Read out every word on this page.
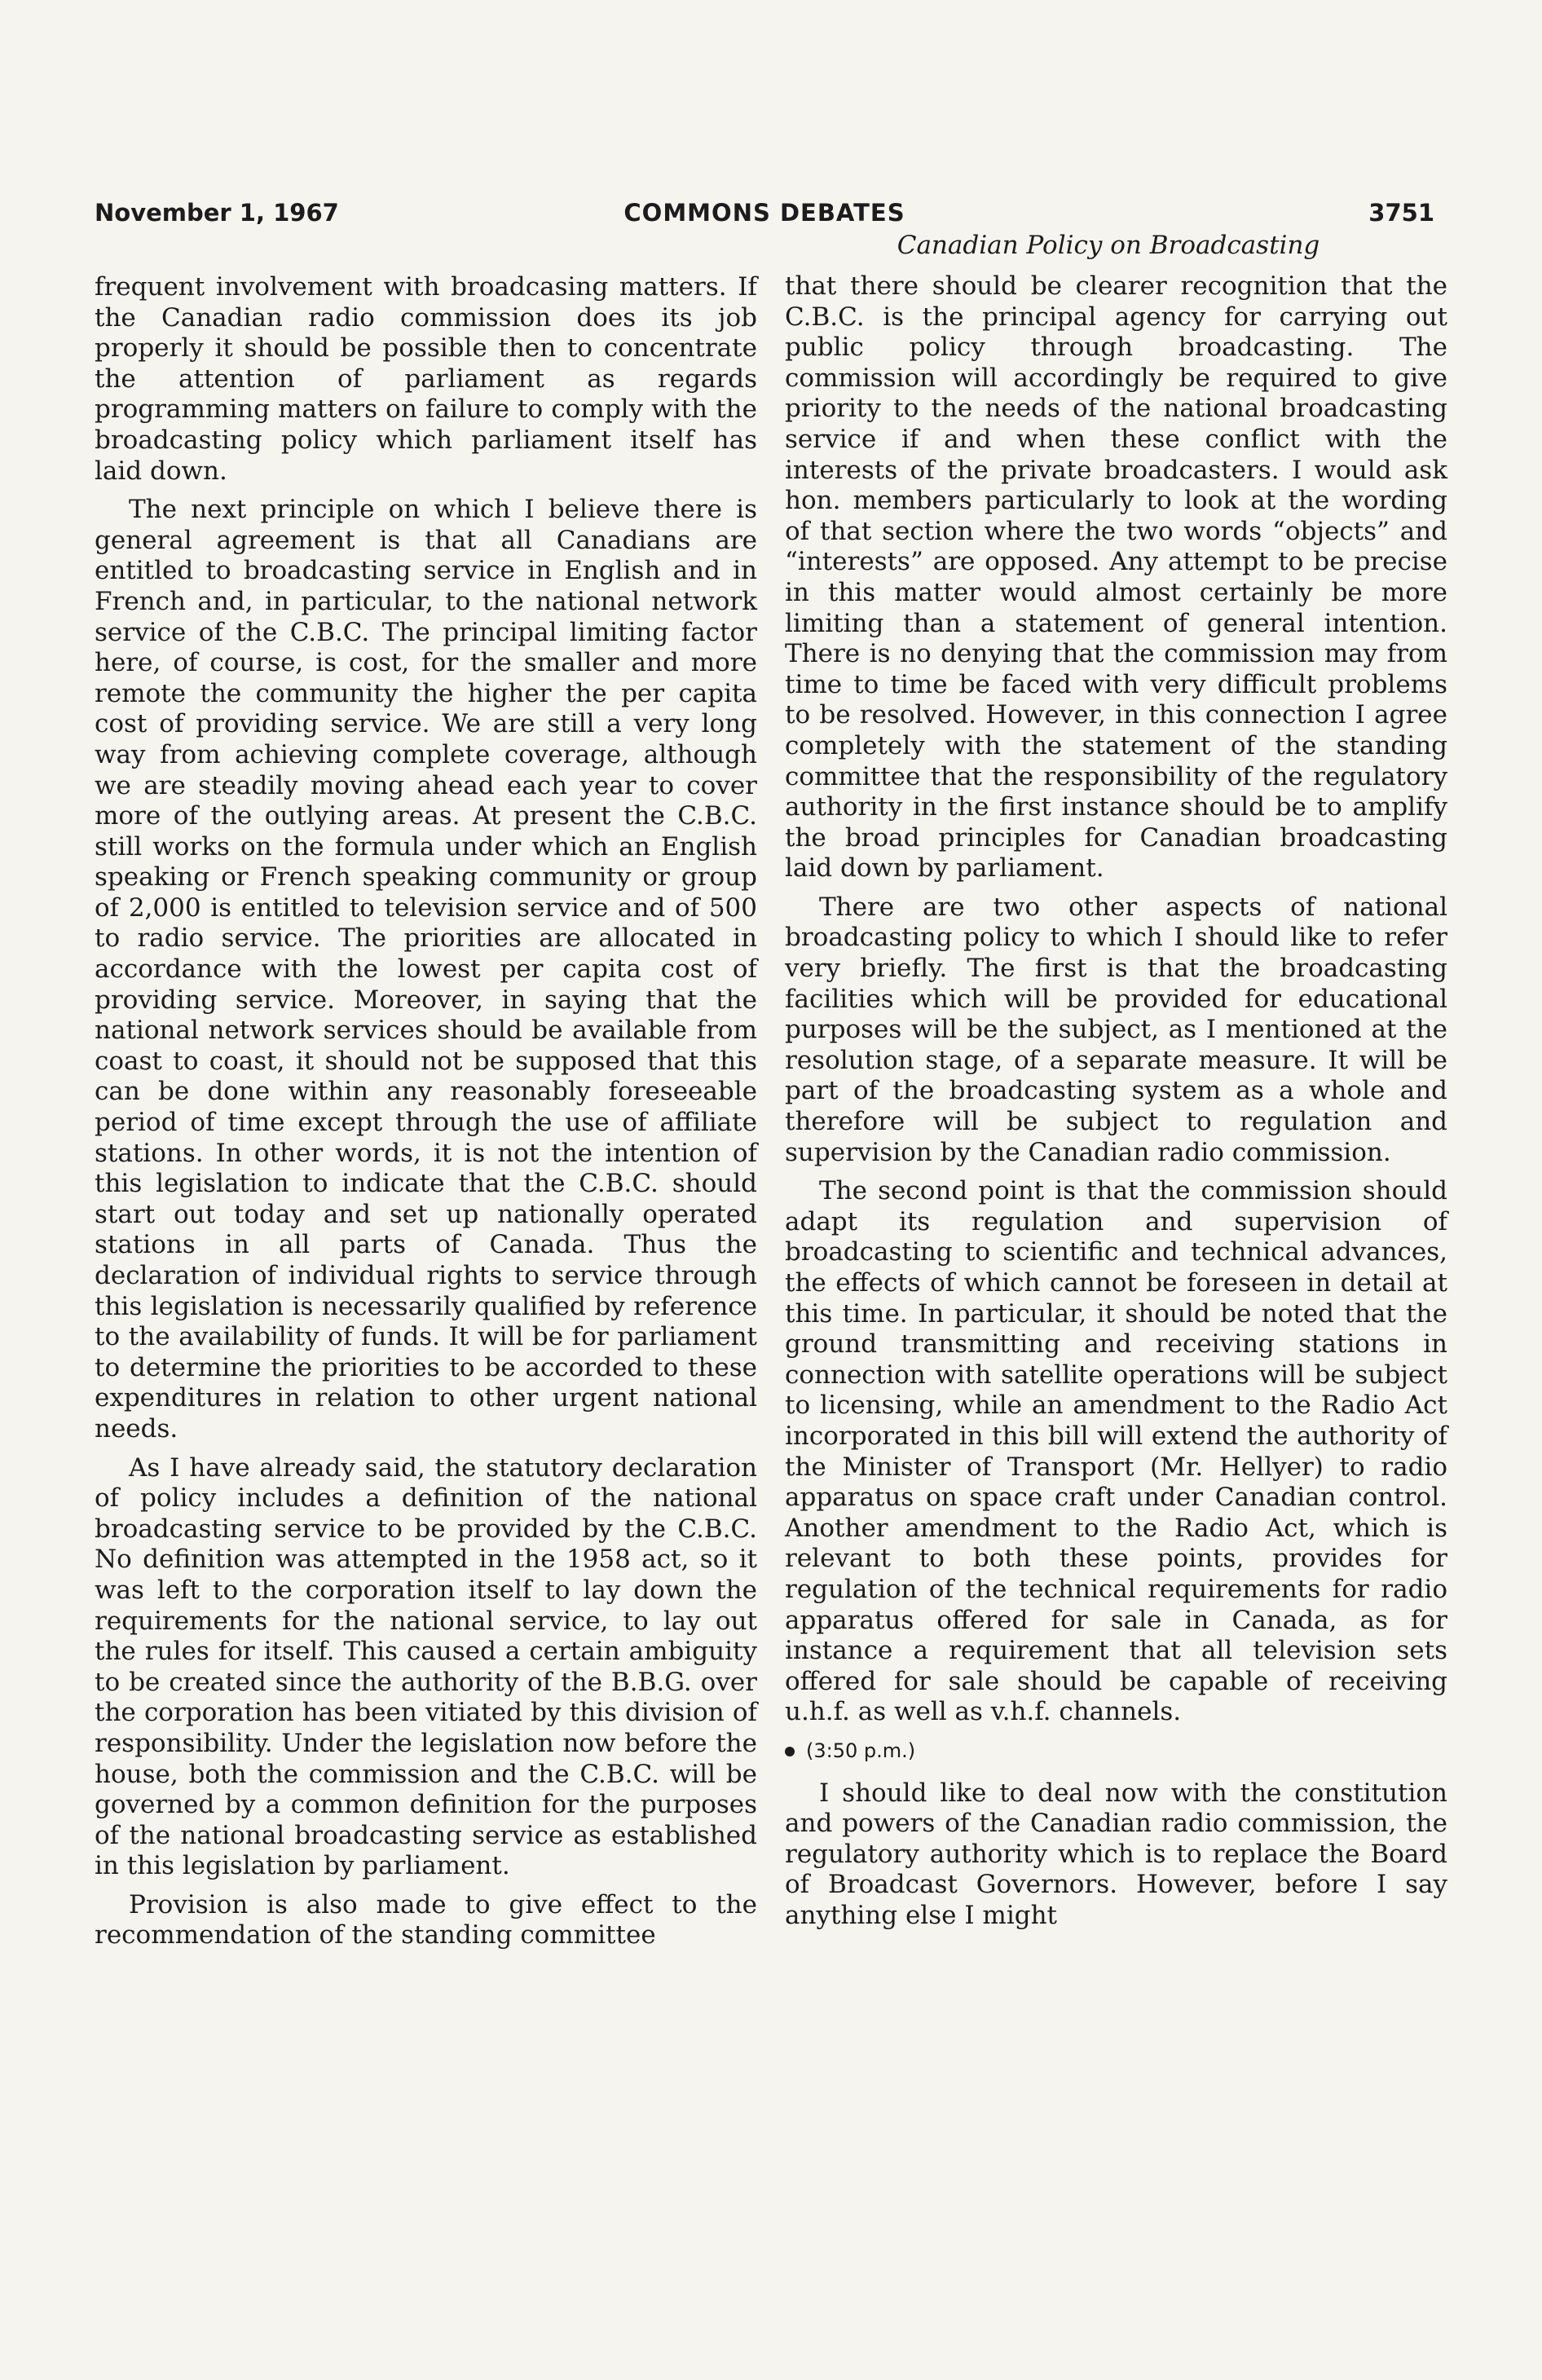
November 1, 1967	COMMONS DEBATES	3751
Canadian Policy on Broadcasting

frequent involvement with broadcasing matters. If the Canadian radio commission does its job properly it should be possible then to concentrate the attention of parliament as regards programming matters on failure to comply with the broadcasting policy which parliament itself has laid down.

The next principle on which I believe there is general agreement is that all Canadians are entitled to broadcasting service in English and in French and, in particular, to the national network service of the C.B.C. The principal limiting factor here, of course, is cost, for the smaller and more remote the community the higher the per capita cost of providing service. We are still a very long way from achieving complete coverage, although we are steadily moving ahead each year to cover more of the outlying areas. At present the C.B.C. still works on the formula under which an English speaking or French speaking community or group of 2,000 is entitled to television service and of 500 to radio service. The priorities are allocated in accordance with the lowest per capita cost of providing service. Moreover, in saying that the national network services should be available from coast to coast, it should not be supposed that this can be done within any reasonably foreseeable period of time except through the use of affiliate stations. In other words, it is not the intention of this legislation to indicate that the C.B.C. should start out today and set up nationally operated stations in all parts of Canada. Thus the declaration of individual rights to service through this legislation is necessarily qualified by reference to the availability of funds. It will be for parliament to determine the priorities to be accorded to these expenditures in relation to other urgent national needs.

As I have already said, the statutory declaration of policy includes a definition of the national broadcasting service to be provided by the C.B.C. No definition was attempted in the 1958 act, so it was left to the corporation itself to lay down the requirements for the national service, to lay out the rules for itself. This caused a certain ambiguity to be created since the authority of the B.B.G. over the corporation has been vitiated by this division of responsibility. Under the legislation now before the house, both the commission and the C.B.C. will be governed by a common definition for the purposes of the national broadcasting service as established in this legislation by parliament.

Provision is also made to give effect to the recommendation of the standing committee

that there should be clearer recognition that the C.B.C. is the principal agency for carrying out public policy through broadcasting. The commission will accordingly be required to give priority to the needs of the national broadcasting service if and when these conflict with the interests of the private broadcasters. I would ask hon. members particularly to look at the wording of that section where the two words “objects” and “interests” are opposed. Any attempt to be precise in this matter would almost certainly be more limiting than a statement of general intention. There is no denying that the commission may from time to time be faced with very difficult problems to be resolved. However, in this connection I agree completely with the statement of the standing committee that the responsibility of the regulatory authority in the first instance should be to amplify the broad principles for Canadian broadcasting laid down by parliament.

There are two other aspects of national broadcasting policy to which I should like to refer very briefly. The first is that the broadcasting facilities which will be provided for educational purposes will be the subject, as I mentioned at the resolution stage, of a separate measure. It will be part of the broadcasting system as a whole and therefore will be subject to regulation and supervision by the Canadian radio commission.

The second point is that the commission should adapt its regulation and supervision of broadcasting to scientific and technical advances, the effects of which cannot be foreseen in detail at this time. In particular, it should be noted that the ground transmitting and receiving stations in connection with satellite operations will be subject to licensing, while an amendment to the Radio Act incorporated in this bill will extend the authority of the Minister of Transport (Mr. Hellyer) to radio apparatus on space craft under Canadian control. Another amendment to the Radio Act, which is relevant to both these points, provides for regulation of the technical requirements for radio apparatus offered for sale in Canada, as for instance a requirement that all television sets offered for sale should be capable of receiving u.h.f. as well as v.h.f. channels.

(3:50 p.m.)

I should like to deal now with the constitution and powers of the Canadian radio commission, the regulatory authority which is to replace the Board of Broadcast Governors. However, before I say anything else I might
